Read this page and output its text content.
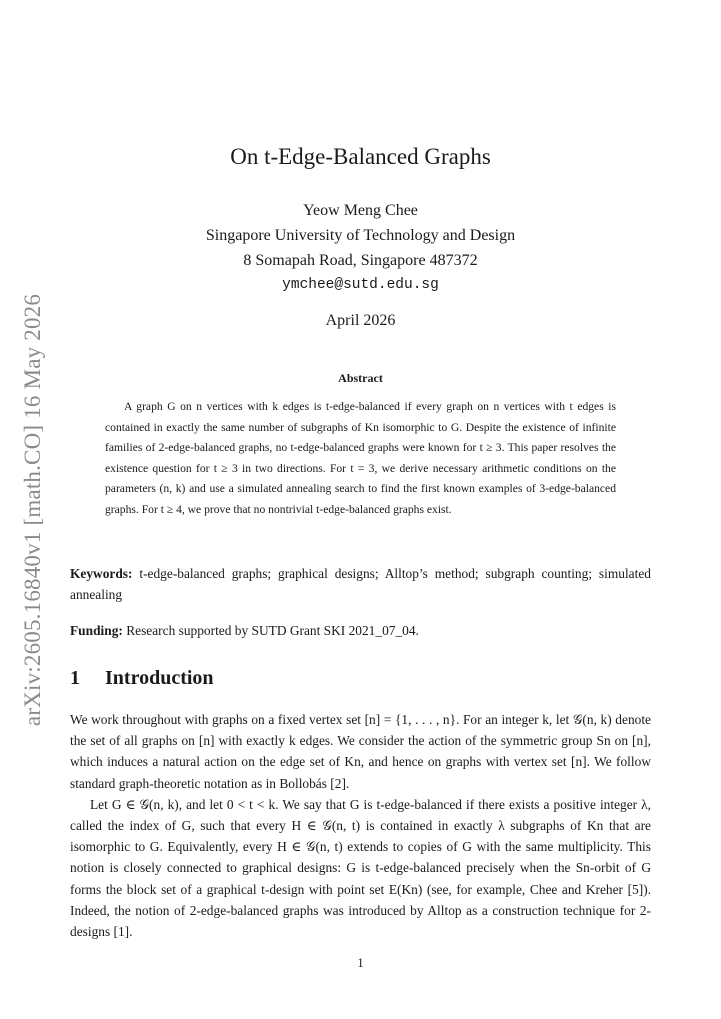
arXiv:2605.16840v1 [math.CO] 16 May 2026
On t-Edge-Balanced Graphs
Yeow Meng Chee
Singapore University of Technology and Design
8 Somapah Road, Singapore 487372
ymchee@sutd.edu.sg
April 2026
Abstract
A graph G on n vertices with k edges is t-edge-balanced if every graph on n vertices with t edges is contained in exactly the same number of subgraphs of Kn isomorphic to G. Despite the existence of infinite families of 2-edge-balanced graphs, no t-edge-balanced graphs were known for t ≥ 3. This paper resolves the existence question for t ≥ 3 in two directions. For t = 3, we derive necessary arithmetic conditions on the parameters (n, k) and use a simulated annealing search to find the first known examples of 3-edge-balanced graphs. For t ≥ 4, we prove that no nontrivial t-edge-balanced graphs exist.
Keywords: t-edge-balanced graphs; graphical designs; Alltop’s method; subgraph counting; simulated annealing
Funding: Research supported by SUTD Grant SKI 2021_07_04.
1 Introduction

We work throughout with graphs on a fixed vertex set [n] = {1, . . . , n}. For an integer k, let 𝒢(n, k) denote the set of all graphs on [n] with exactly k edges. We consider the action of the symmetric group Sn on [n], which induces a natural action on the edge set of Kn, and hence on graphs with vertex set [n]. We follow standard graph-theoretic notation as in Bollobás [2].

Let G ∈ 𝒢(n, k), and let 0 < t < k. We say that G is t-edge-balanced if there exists a positive integer λ, called the index of G, such that every H ∈ 𝒢(n, t) is contained in exactly λ subgraphs of Kn that are isomorphic to G. Equivalently, every H ∈ 𝒢(n, t) extends to copies of G with the same multiplicity. This notion is closely connected to graphical designs: G is t-edge-balanced precisely when the Sn-orbit of G forms the block set of a graphical t-design with point set E(Kn) (see, for example, Chee and Kreher [5]). Indeed, the notion of 2-edge-balanced graphs was introduced by Alltop as a construction technique for 2-designs [1].

1
